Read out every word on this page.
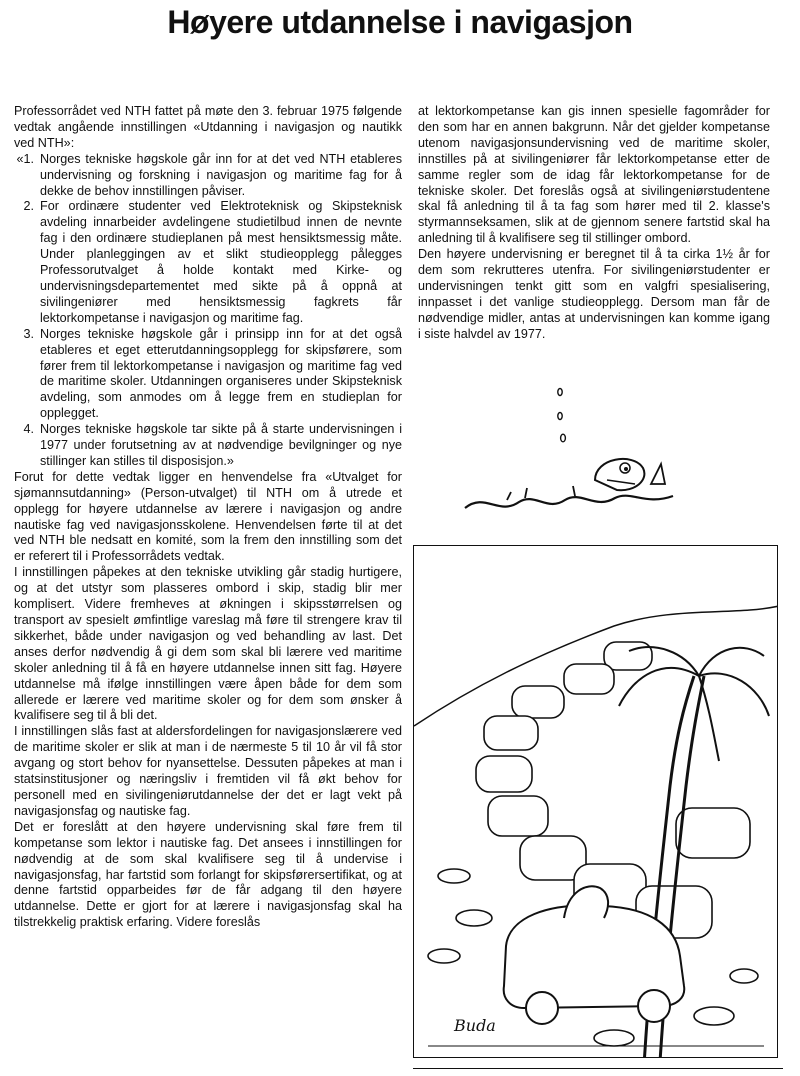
Høyere utdannelse i navigasjon

Professorrådet ved NTH fattet på møte den 3. februar 1975 følgende vedtak angående innstillingen «Utdanning i navigasjon og nautikk ved NTH»:

«1. Norges tekniske høgskole går inn for at det ved NTH etableres undervisning og forskning i navigasjon og maritime fag for å dekke de behov innstillingen påviser.
2. For ordinære studenter ved Elektroteknisk og Skipsteknisk avdeling innarbeider avdelingene studietilbud innen de nevnte fag i den ordinære studieplanen på mest hensiktsmessig måte. Under planleggingen av et slikt studieopplegg pålegges Professorutvalget å holde kontakt med Kirke- og undervisningsdepartementet med sikte på å oppnå at sivilingeniører med hensiktsmessig fagkrets får lektorkompetanse i navigasjon og maritime fag.
3. Norges tekniske høgskole går i prinsipp inn for at det også etableres et eget etterutdanningsopplegg for skipsførere, som fører frem til lektorkompetanse i navigasjon og maritime fag ved de maritime skoler. Utdanningen organiseres under Skipsteknisk avdeling, som anmodes om å legge frem en studieplan for opplegget.
4. Norges tekniske høgskole tar sikte på å starte undervisningen i 1977 under forutsetning av at nødvendige bevilgninger og nye stillinger kan stilles til disposisjon.»

Forut for dette vedtak ligger en henvendelse fra «Utvalget for sjømannsutdanning» (Person-utvalget) til NTH om å utrede et opplegg for høyere utdannelse av lærere i navigasjon og andre nautiske fag ved navigasjonsskolene. Henvendelsen førte til at det ved NTH ble nedsatt en komité, som la frem den innstilling som det er referert til i Professorrådets vedtak.

I innstillingen påpekes at den tekniske utvikling går stadig hurtigere, og at det utstyr som plasseres ombord i skip, stadig blir mer komplisert. Videre fremheves at økningen i skipsstørrelsen og transport av spesielt ømfintlige vareslag må føre til strengere krav til sikkerhet, både under navigasjon og ved behandling av last. Det anses derfor nødvendig å gi dem som skal bli lærere ved maritime skoler anledning til å få en høyere utdannelse innen sitt fag. Høyere utdannelse må ifølge innstillingen være åpen både for dem som allerede er lærere ved maritime skoler og for dem som ønsker å kvalifisere seg til å bli det.

I innstillingen slås fast at aldersfordelingen for navigasjonslærere ved de maritime skoler er slik at man i de nærmeste 5 til 10 år vil få stor avgang og stort behov for nyansettelse. Dessuten påpekes at man i statsinstitusjoner og næringsliv i fremtiden vil få økt behov for personell med en sivilingeniørutdannelse der det er lagt vekt på navigasjonsfag og nautiske fag.

Det er foreslått at den høyere undervisning skal føre frem til kompetanse som lektor i nautiske fag. Det ansees i innstillingen for nødvendig at de som skal kvalifisere seg til å undervise i navigasjonsfag, har fartstid som forlangt for skipsførersertifikat, og at denne fartstid opparbeides før de får adgang til den høyere utdannelse. Dette er gjort for at lærere i navigasjonsfag skal ha tilstrekkelig praktisk erfaring. Videre foreslås

at lektorkompetanse kan gis innen spesielle fagområder for den som har en annen bakgrunn. Når det gjelder kompetanse utenom navigasjonsundervisning ved de maritime skoler, innstilles på at sivilingeniører får lektorkompetanse etter de samme regler som de idag får lektorkompetanse for de tekniske skoler. Det foreslås også at sivilingeniørstudentene skal få anledning til å ta fag som hører med til 2. klasse's styrmannseksamen, slik at de gjennom senere fartstid skal ha anledning til å kvalifisere seg til stillinger ombord.

Den høyere undervisning er beregnet til å ta cirka 1½ år for dem som rekrutteres utenfra. For sivilingeniørstudenter er undervisningen tenkt gitt som en valgfri spesialisering, innpasset i det vanlige studieopplegg. Dersom man får de nødvendige midler, antas at undervisningen kan komme igang i siste halvdel av 1977.

Buda
